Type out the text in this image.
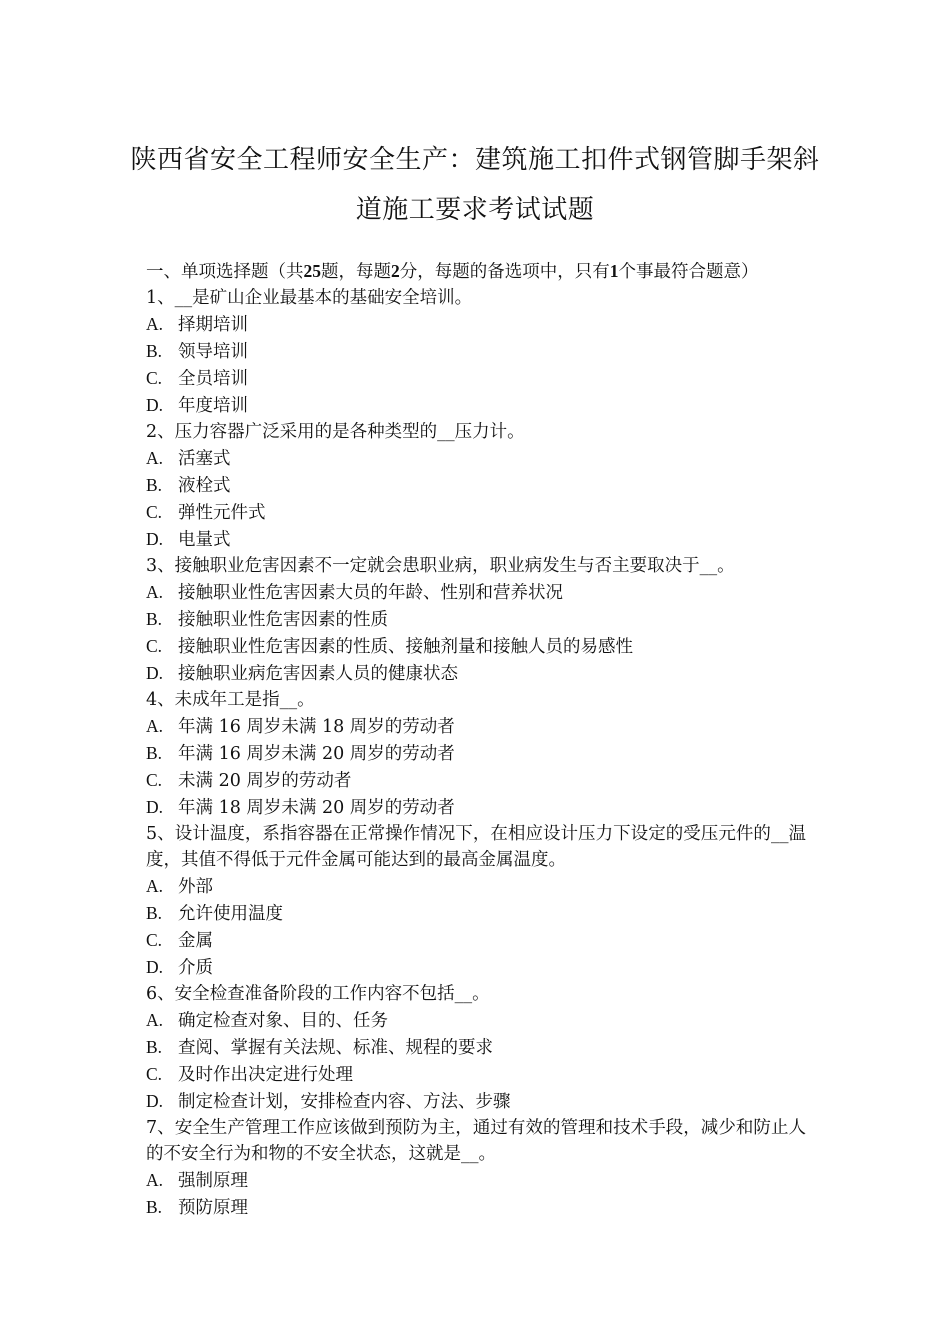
陕西省安全工程师安全生产：建筑施工扣件式钢管脚手架斜道施工要求考试试题
一、单项选择题（共25题，每题2分，每题的备选项中，只有1个事最符合题意）
1、__是矿山企业最基本的基础安全培训。
A. 择期培训
B. 领导培训
C. 全员培训
D. 年度培训
2、压力容器广泛采用的是各种类型的__压力计。
A. 活塞式
B. 液栓式
C. 弹性元件式
D. 电量式
3、接触职业危害因素不一定就会患职业病，职业病发生与否主要取决于__。
A. 接触职业性危害因素大员的年龄、性别和营养状况
B. 接触职业性危害因素的性质
C. 接触职业性危害因素的性质、接触剂量和接触人员的易感性
D. 接触职业病危害因素人员的健康状态
4、未成年工是指__。
A. 年满 16 周岁未满 18 周岁的劳动者
B. 年满 16 周岁未满 20 周岁的劳动者
C. 未满 20 周岁的劳动者
D. 年满 18 周岁未满 20 周岁的劳动者
5、设计温度，系指容器在正常操作情况下，在相应设计压力下设定的受压元件的__温度，其值不得低于元件金属可能达到的最高金属温度。
A. 外部
B. 允许使用温度
C. 金属
D. 介质
6、安全检查准备阶段的工作内容不包括__。
A. 确定检查对象、目的、任务
B. 查阅、掌握有关法规、标准、规程的要求
C. 及时作出决定进行处理
D. 制定检查计划，安排检查内容、方法、步骤
7、安全生产管理工作应该做到预防为主，通过有效的管理和技术手段，减少和防止人的不安全行为和物的不安全状态，这就是__。
A. 强制原理
B. 预防原理
